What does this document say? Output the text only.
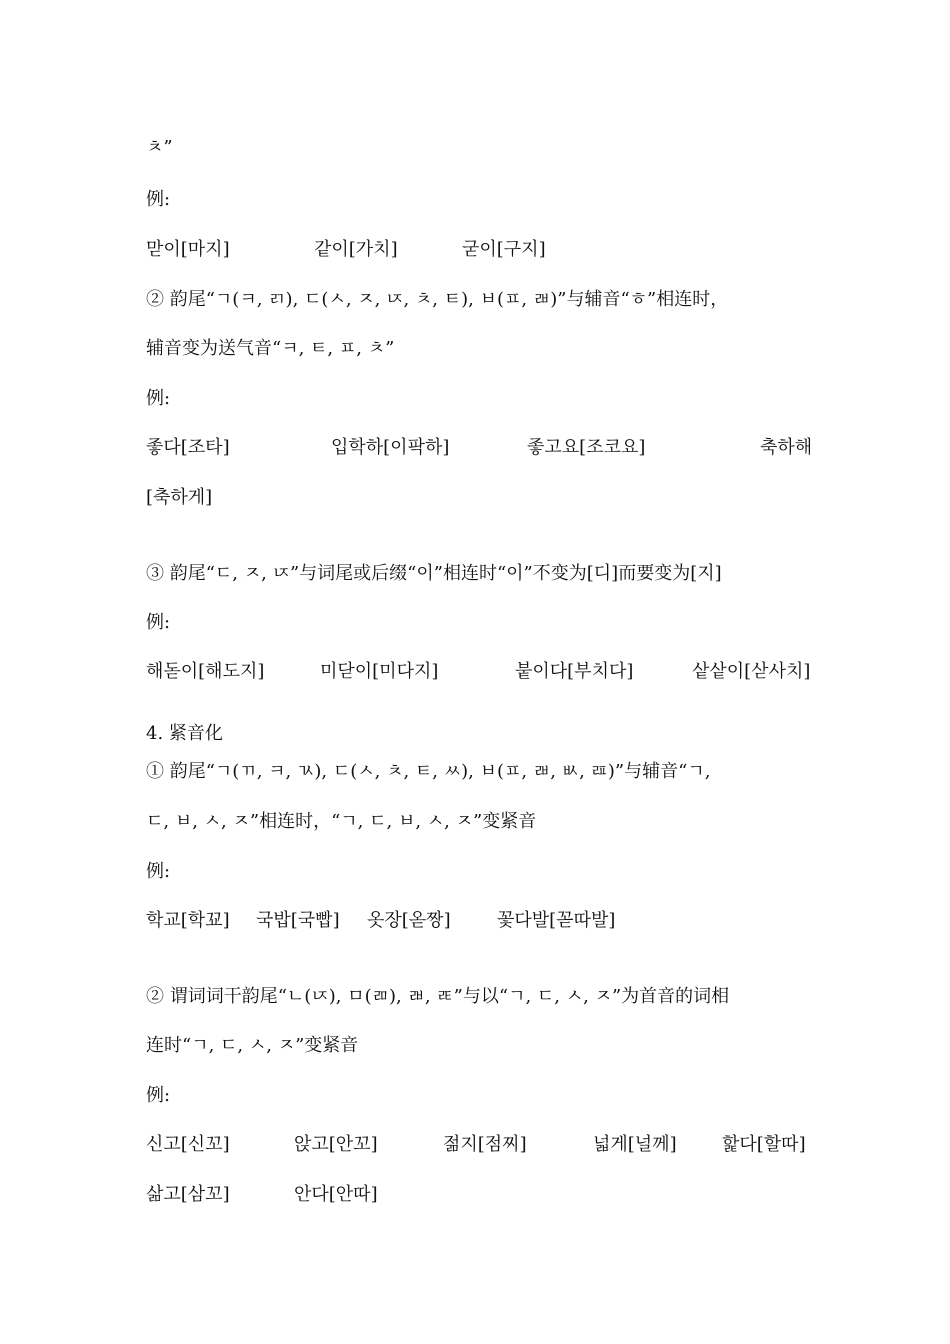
ㅊ”
例:
맏이[마지]	같이[가치]	굳이[구지]
② 韵尾“ㄱ(ㅋ, ㄺ), ㄷ(ㅅ, ㅈ, ㄵ, ㅊ, ㅌ), ㅂ(ㅍ, ㄼ)”与辅音“ㅎ”相连时，
辅音变为送气音“ㅋ, ㅌ, ㅍ, ㅊ”
例:
좋다[조타]	입학하[이팍하]	좋고요[조코요]	축하해
[축하게]
③ 韵尾“ㄷ, ㅈ, ㄵ”与词尾或后缀“이”相连时“이”不变为[디]而要变为[지]
例:
해돋이[해도지]	미닫이[미다지]	붙이다[부치다]	샅샅이[삳사치]
4. 紧音化
① 韵尾“ㄱ(ㄲ, ㅋ, ㄳ), ㄷ(ㅅ, ㅊ, ㅌ, ㅆ), ㅂ(ㅍ, ㄼ, ㅄ, ㄿ)”与辅音“ㄱ,
ㄷ, ㅂ, ㅅ, ㅈ”相连时，“ㄱ, ㄷ, ㅂ, ㅅ, ㅈ”变紧音
例:
학교[학꾜] 국밥[국빱] 옷장[옫짱]	꽃다발[꼳따발]
② 谓词词干韵尾“ㄴ(ㄵ), ㅁ(ㄻ), ㄼ, ㄾ”与以“ㄱ, ㄷ, ㅅ, ㅈ”为首音的词相
连时“ㄱ, ㄷ, ㅅ, ㅈ”变紧音
例:
신고[신꼬]	앉고[안꼬]	젊지[점찌]	넓게[널께]	핥다[할따]
삶고[삼꼬]	안다[안따]
